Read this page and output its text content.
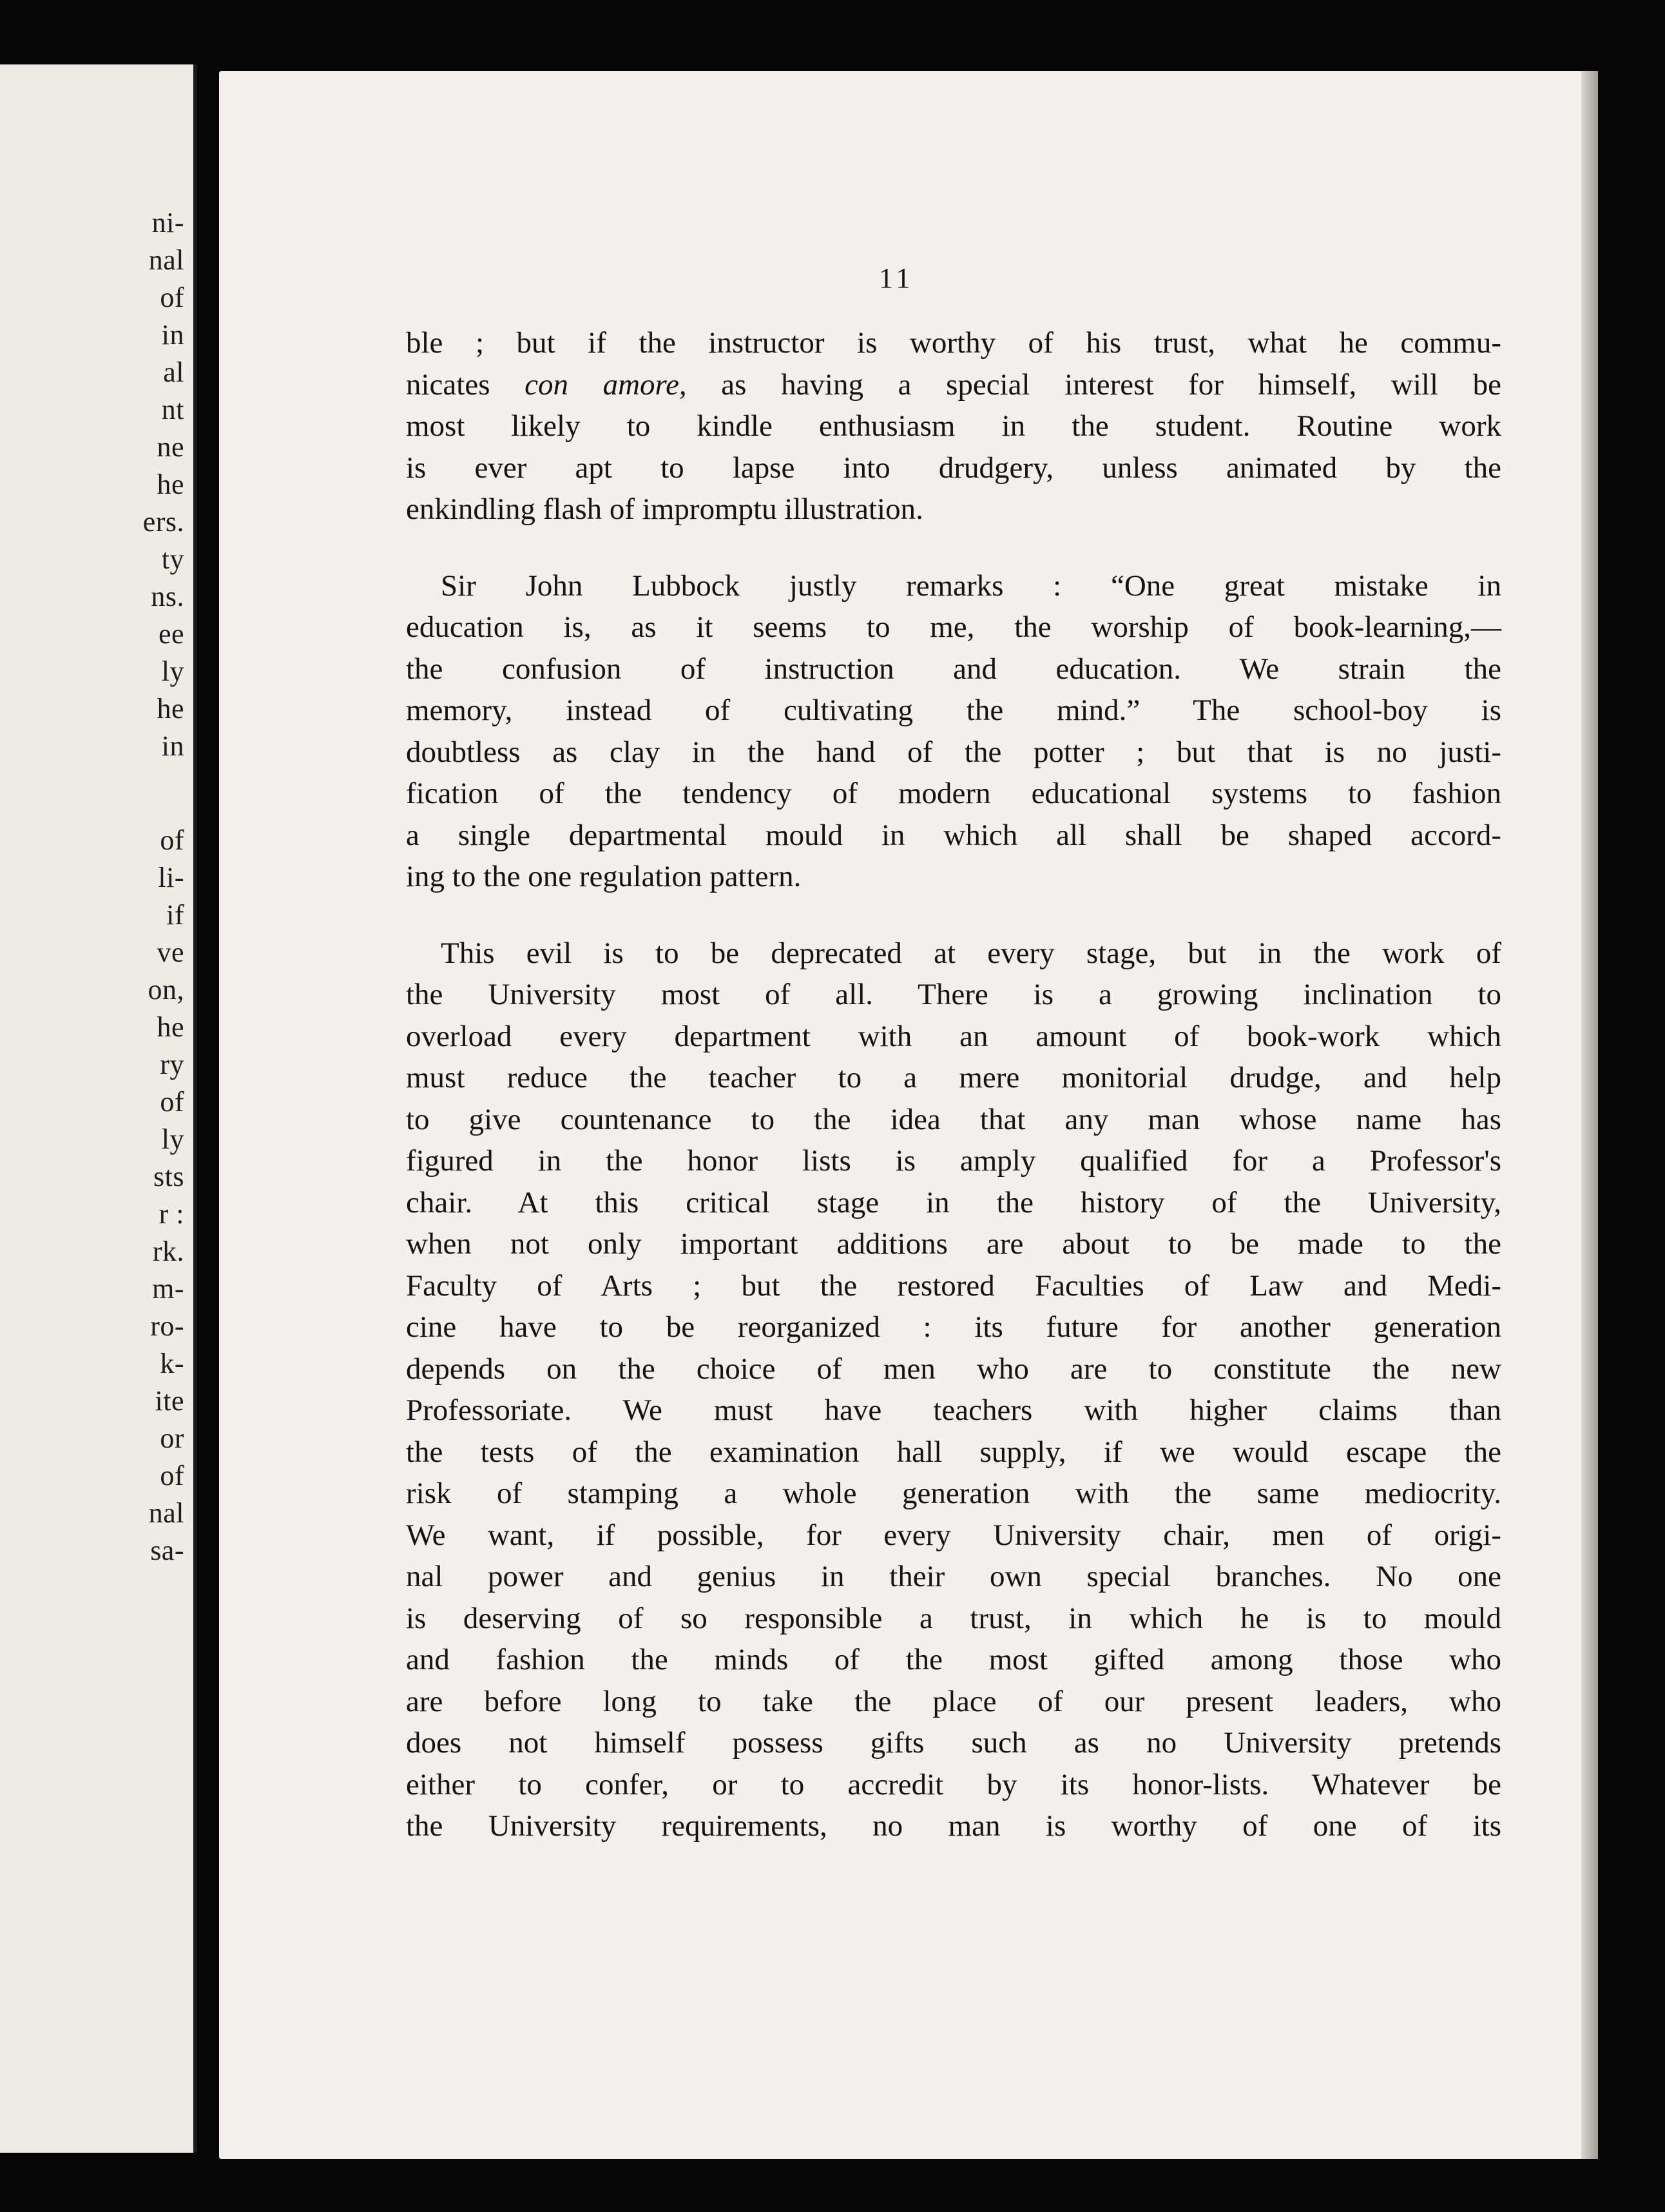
ni-
nal
of
in
al
nt
ne
he
ers.
ty
ns.
ee
ly
he
in
of
li-
if
ve
on,
he
ry
of
ly
sts
r :
rk.
m-
ro-
k-
ite
or
of
nal
sa-
11

ble ; but if the instructor is worthy of his trust, what he commu-

nicates con amore, as having a special interest for himself, will be

most likely to kindle enthusiasm in the student. Routine work

is ever apt to lapse into drudgery, unless animated by the

enkindling flash of impromptu illustration.

Sir John Lubbock justly remarks : “One great mistake in

education is, as it seems to me, the worship of book-learning,—

the confusion of instruction and education. We strain the

memory, instead of cultivating the mind.” The school-boy is

doubtless as clay in the hand of the potter ; but that is no justi-

fication of the tendency of modern educational systems to fashion

a single departmental mould in which all shall be shaped accord-

ing to the one regulation pattern.

This evil is to be deprecated at every stage, but in the work of

the University most of all. There is a growing inclination to

overload every department with an amount of book-work which

must reduce the teacher to a mere monitorial drudge, and help

to give countenance to the idea that any man whose name has

figured in the honor lists is amply qualified for a Professor's

chair. At this critical stage in the history of the University,

when not only important additions are about to be made to the

Faculty of Arts ; but the restored Faculties of Law and Medi-

cine have to be reorganized : its future for another generation

depends on the choice of men who are to constitute the new

Professoriate. We must have teachers with higher claims than

the tests of the examination hall supply, if we would escape the

risk of stamping a whole generation with the same mediocrity.

We want, if possible, for every University chair, men of origi-

nal power and genius in their own special branches. No one

is deserving of so responsible a trust, in which he is to mould

and fashion the minds of the most gifted among those who

are before long to take the place of our present leaders, who

does not himself possess gifts such as no University pretends

either to confer, or to accredit by its honor-lists. Whatever be

the University requirements, no man is worthy of one of its
